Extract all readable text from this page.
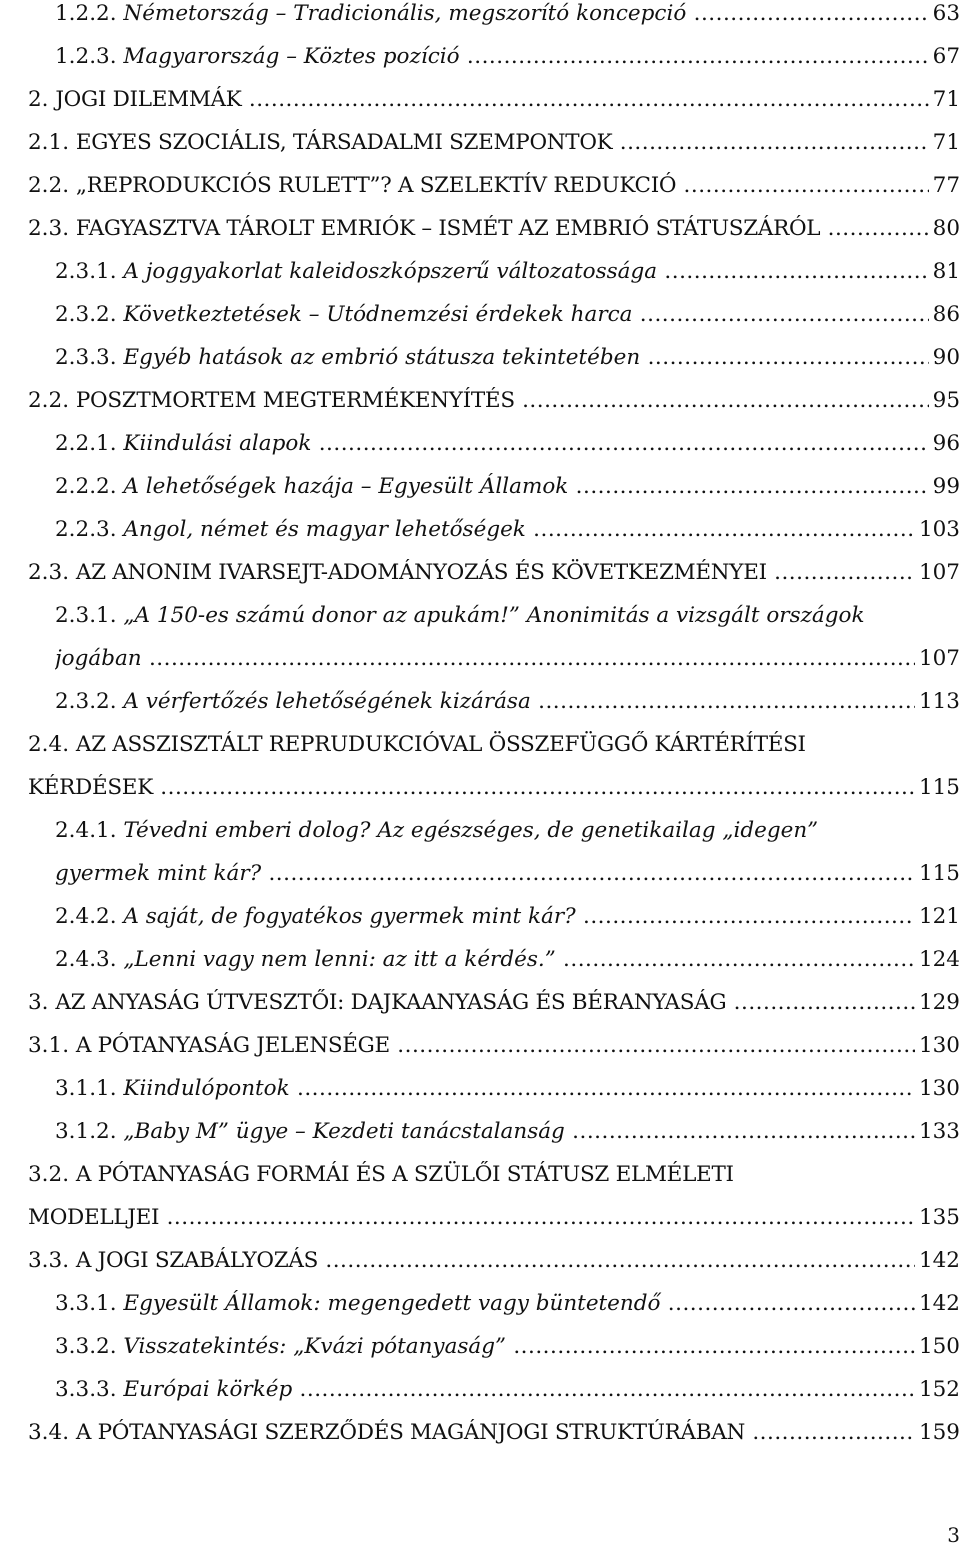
1.2.2. Németország – Tradicionális, megszorító koncepció .....	63
1.2.3. Magyarország – Köztes pozíció .....	67
2. JOGI DILEMMÁK .....	71
2.1. EGYES SZOCIÁLIS, TÁRSADALMI SZEMPONTOK .....	71
2.2. „REPRODUKCIÓS RULETT”? A SZELEKTÍV REDUKCIÓ .....	77
2.3. FAGYASZTVA TÁROLT EMRIÓK – ISMÉT AZ EMBRIÓ STÁTUSZÁRÓL .....	80
2.3.1. A joggyakorlat kaleidoszkópszerű változatossága .....	81
2.3.2. Következtetések – Utódnemzési érdekek harca .....	86
2.3.3. Egyéb hatások az embrió státusza tekintetében .....	90
2.2. POSZTMORTEM MEGTERMÉKENYÍTÉS .....	95
2.2.1. Kiindulási alapok .....	96
2.2.2. A lehetőségek hazája – Egyesült Államok .....	99
2.2.3. Angol, német és magyar lehetőségek .....	103
2.3. AZ ANONIM IVARSEJT-ADOMÁNYOZÁS ÉS KÖVETKEZMÉNYEI .....	107
2.3.1. „A 150-es számú donor az apukám!” Anonimitás a vizsgált országok
jogában .....	107
2.3.2. A vérfertőzés lehetőségének kizárása .....	113
2.4. AZ ASSZISZTÁLT REPRUDUKCIÓVAL ÖSSZEFÜGGŐ KÁRTÉRÍTÉSI
KÉRDÉSEK .....	115
2.4.1. Tévedni emberi dolog? Az egészséges, de genetikailag „idegen”
gyermek mint kár? .....	115
2.4.2. A saját, de fogyatékos gyermek mint kár? .....	121
2.4.3. „Lenni vagy nem lenni: az itt a kérdés.” .....	124
3. AZ ANYASÁG ÚTVESZTŐI: DAJKAANYASÁG ÉS BÉRANYASÁG .....	129
3.1. A PÓTANYASÁG JELENSÉGE .....	130
3.1.1. Kiindulópontok .....	130
3.1.2. „Baby M” ügye – Kezdeti tanácstalanság .....	133
3.2. A PÓTANYASÁG FORMÁI ÉS A SZÜLŐI STÁTUSZ ELMÉLETI
MODELLJEI .....	135
3.3. A JOGI SZABÁLYOZÁS .....	142
3.3.1. Egyesült Államok: megengedett vagy büntetendő .....	142
3.3.2. Visszatekintés: „Kvázi pótanyaság” .....	150
3.3.3. Európai körkép .....	152
3.4. A PÓTANYASÁGI SZERZŐDÉS MAGÁNJOGI STRUKTÚRÁBAN .....	159
3
